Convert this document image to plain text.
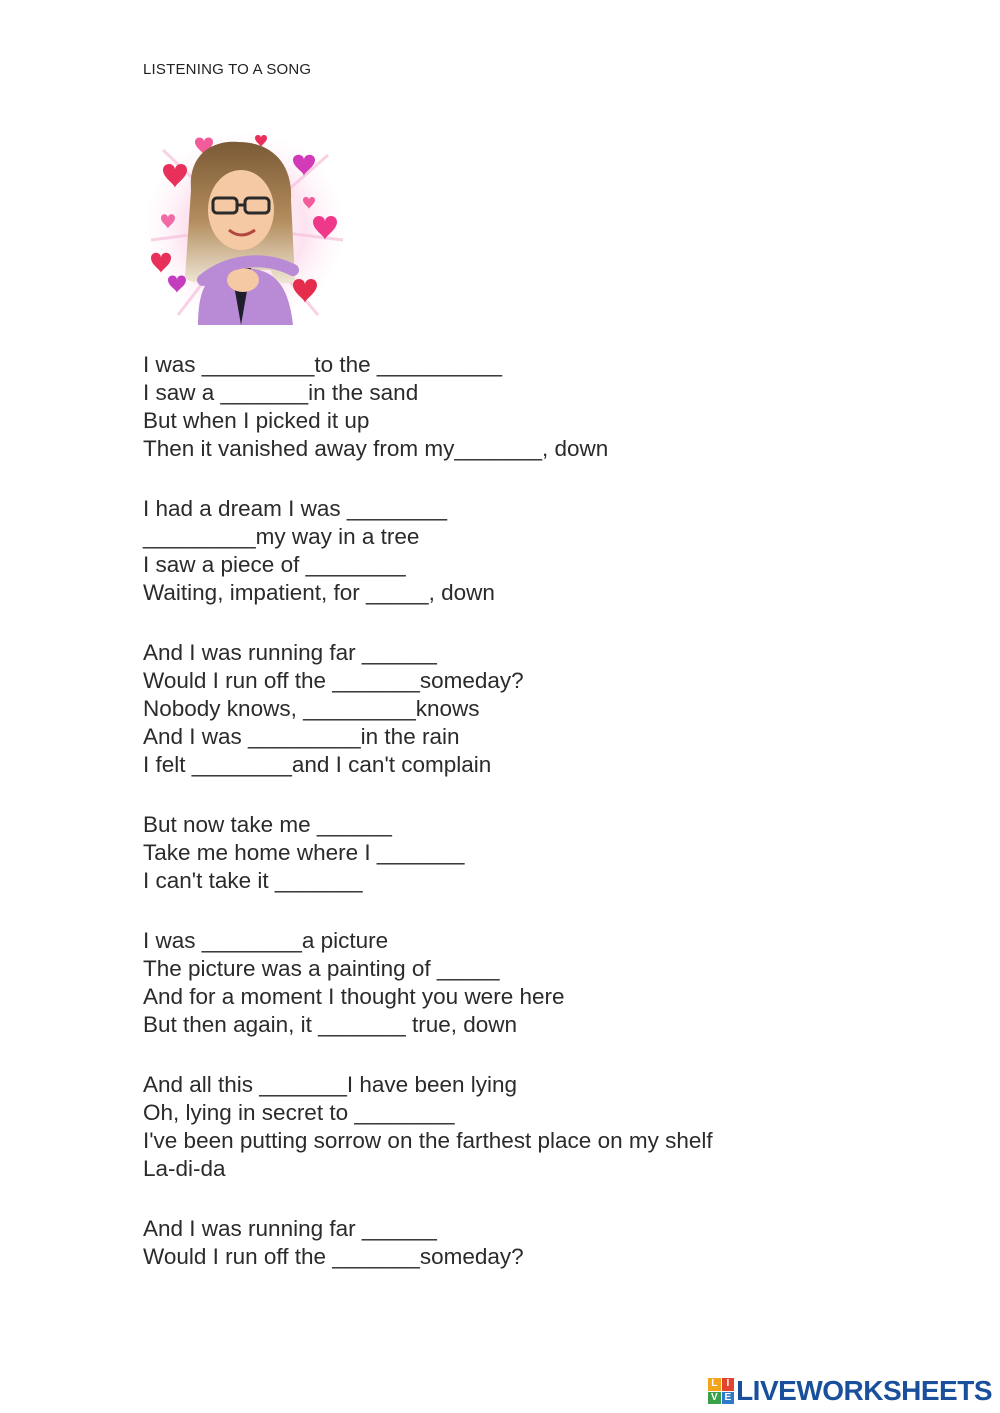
LISTENING TO A SONG
I was _________to the __________
I saw a _______in the sand
But when I picked it up
Then it vanished away from my_______, down
I had a dream I was ________
_________my way in a tree
I saw a piece of ________
Waiting, impatient, for _____, down
And I was running far ______
Would I run off the _______someday?
Nobody knows, _________knows
And I was _________in the rain
I felt ________and I can't complain
But now take me ______
Take me home where I _______
I can't take it _______
I was ________a picture
The picture was a painting of _____
And for a moment I thought you were here
But then again, it _______ true, down
And all this _______I have been lying
Oh, lying in secret to ________
I've been putting sorrow on the farthest place on my shelf
La-di-da
And I was running far ______
Would I run off the _______someday?
L I
V E LIVEWORKSHEETS
